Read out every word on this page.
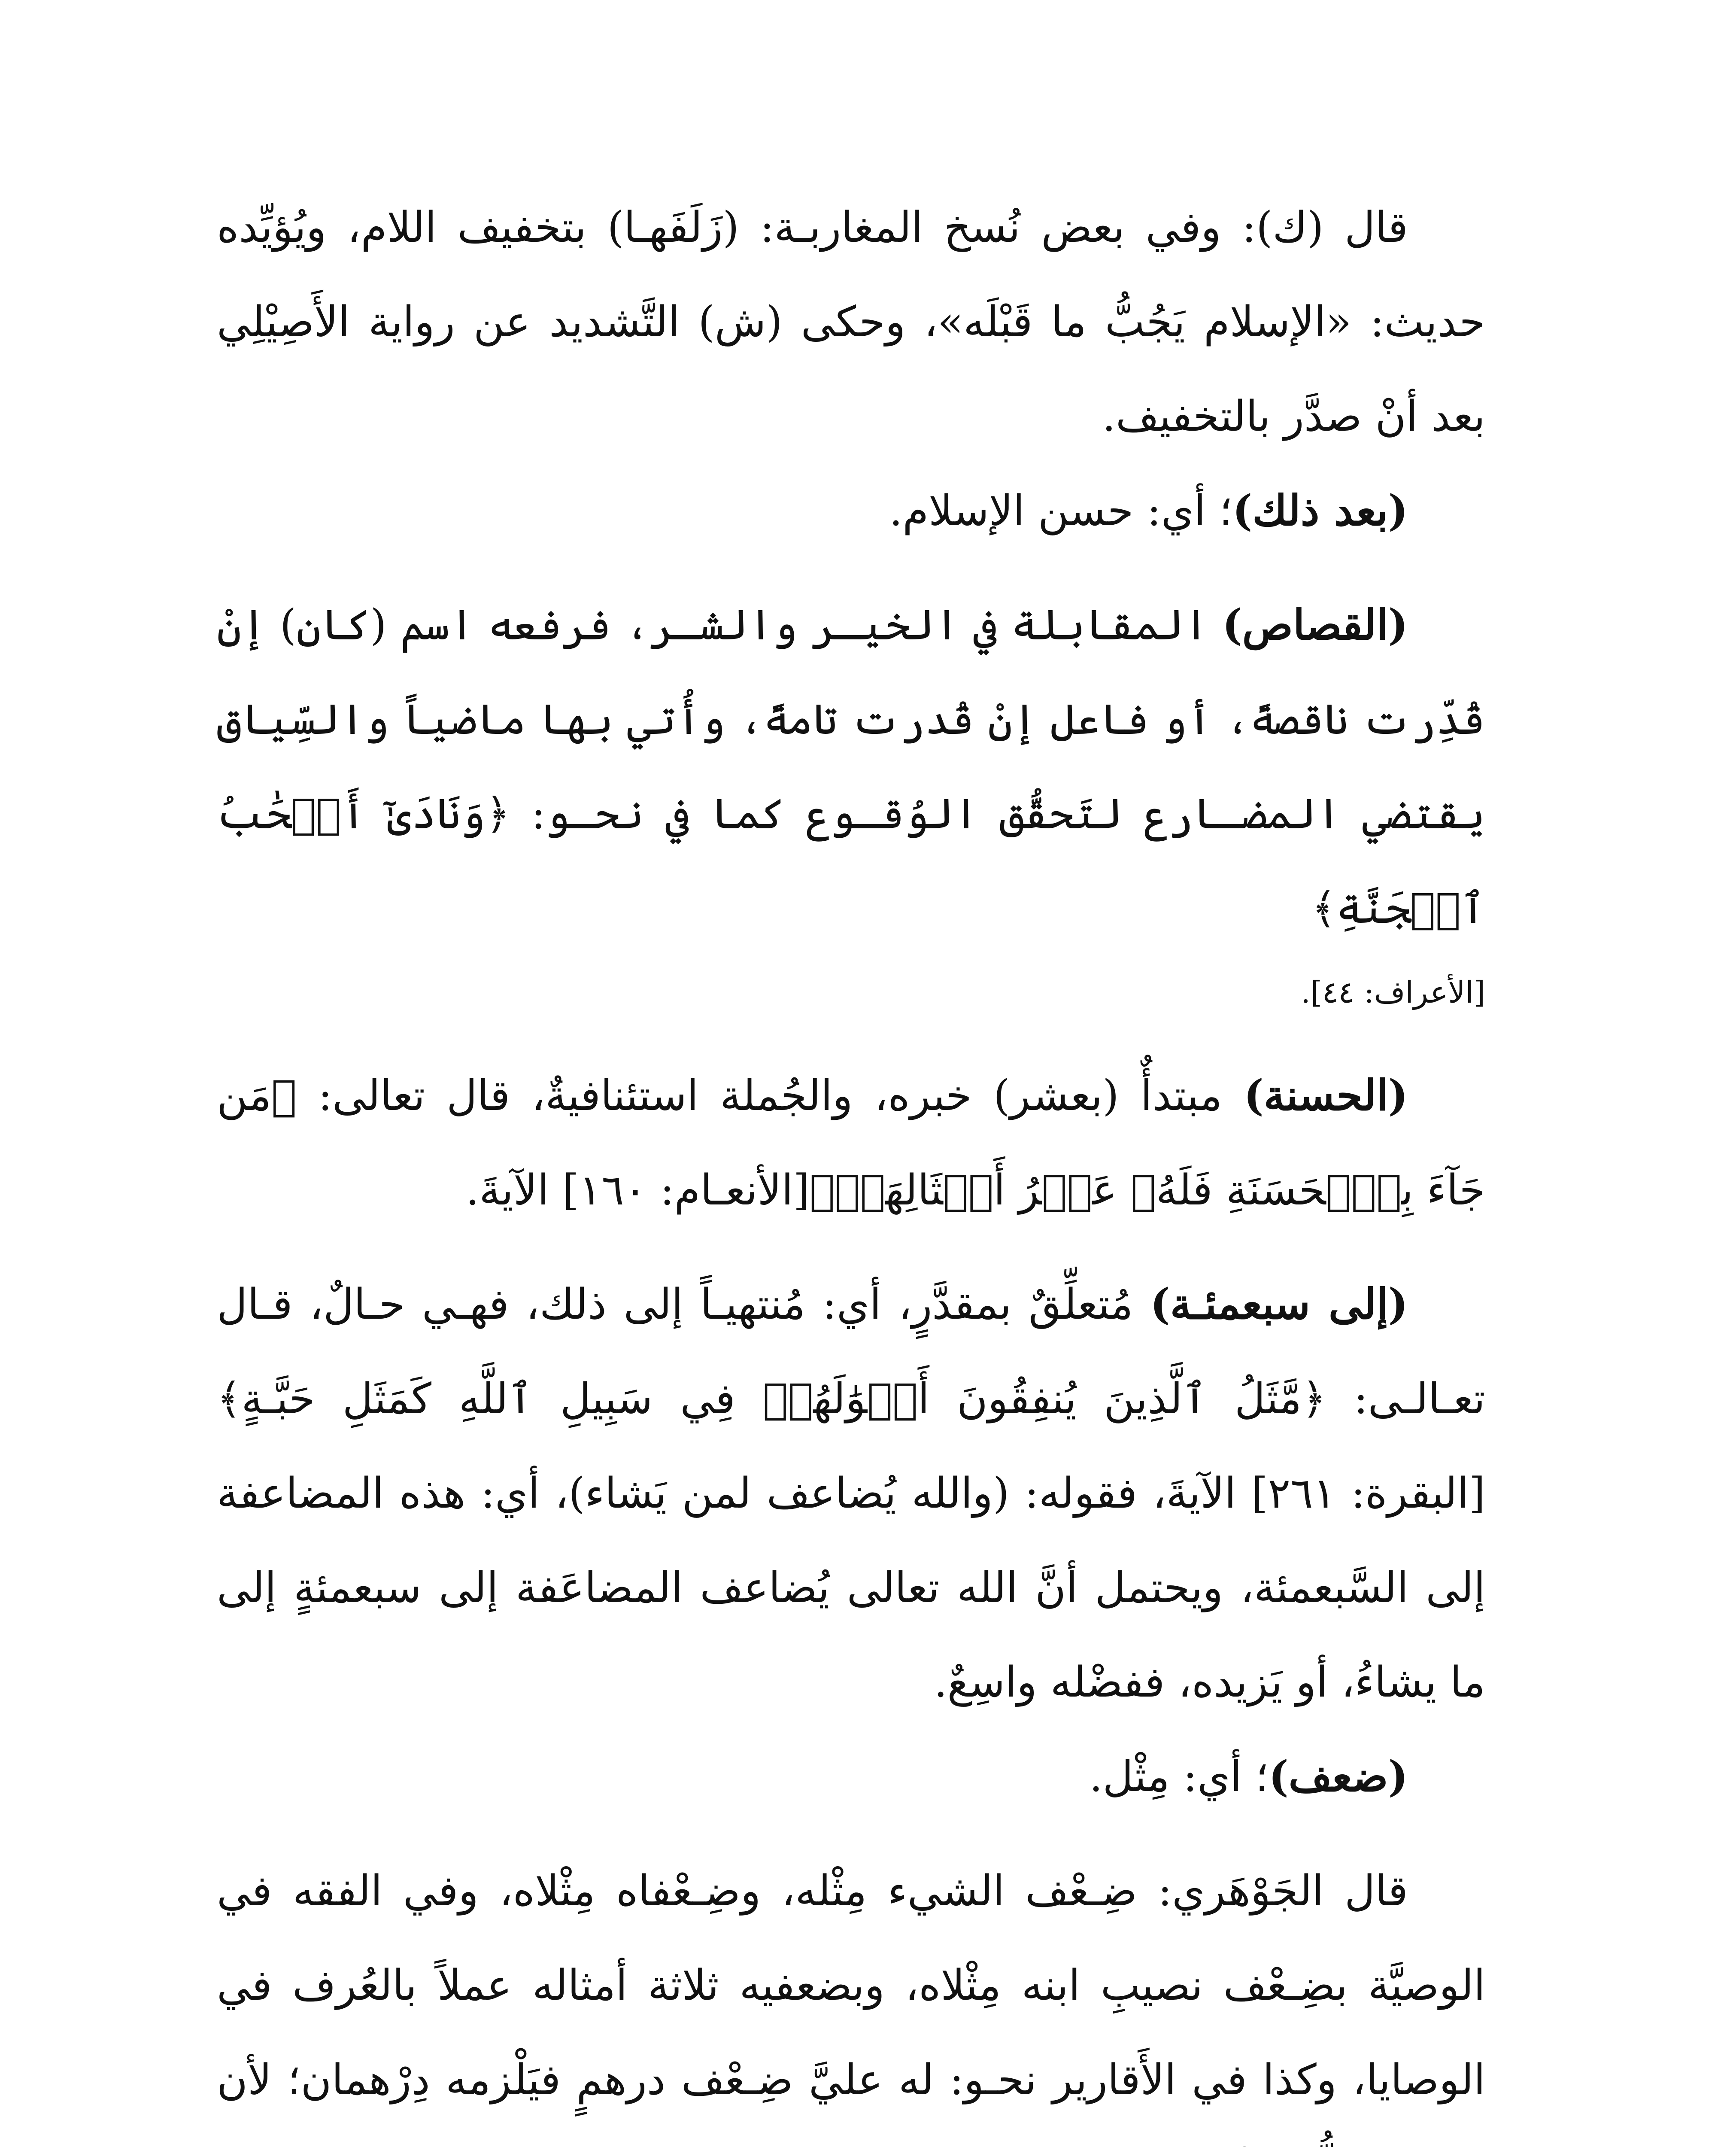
قال (ك): وفي بعض نُسخ المغاربـة: (زَلَفَهـا) بتخفيف اللام، ويُؤيِّده حديث: «الإسلام يَجُبُّ ما قَبْلَه»، وحكى (ش) التَّشديد عن رواية الأَصِيْلِي بعد أنْ صدَّر بالتخفيف.

(بعد ذلك)؛ أي: حسن الإسلام.

(القصاص) المقابلة في الخيـر والشـر، فرفعه اسم (كان) إنْ قُدِّرت ناقصةً، أو فاعل إنْ قُدرت تامةً، وأُتي بها ماضياً والسِّياق يقتضي المضـارع لتَحقُّق الوُقـوع كما في نحـو: ﴿وَنَادَىٰٓ أَصۡحَٰبُ ٱلۡجَنَّةِ﴾

[الأعراف: ٤٤].

(الحسنة) مبتدأٌ (بعشر) خبره، والجُملة استئنافيةٌ، قال تعالى: ﴿مَن جَآءَ بِٱلۡحَسَنَةِ فَلَهُۥ عَشۡرُ أَمۡثَالِهَاۖ﴾[الأنعـام: ١٦٠] الآيةَ.

(إلى سبعمئـة) مُتعلِّقٌ بمقدَّرٍ، أي: مُنتهيـاً إلى ذلك، فهـي حـالٌ، قـال تعـالـى: ﴿مَّثَلُ ٱلَّذِينَ يُنفِقُونَ أَمۡوَٰلَهُمۡ فِي سَبِيلِ ٱللَّهِ كَمَثَلِ حَبَّـةٍ﴾[البقرة: ٢٦١] الآيةَ، فقوله: (والله يُضاعف لمن يَشاء)، أي: هذه المضاعفة إلى السَّبعمئة، ويحتمل أنَّ الله تعالى يُضاعف المضاعَفة إلى سبعمئةٍ إلى ما يشاءُ، أو يَزيده، ففضْله واسِعٌ.

(ضعف)؛ أي: مِثْل.

قال الجَوْهَري: ضِـعْف الشيء مِثْله، وضِـعْفاه مِثْلاه، وفي الفقه في الوصيَّة بضِـعْف نصيبِ ابنه مِثْلاه، وبضعفيه ثلاثة أمثاله عملاً بالعُرف في الوصايا، وكذا في الأَقارير نحـو: له عليَّ ضِـعْف درهمٍ فيَلْزمه دِرْهمان؛ لأن
